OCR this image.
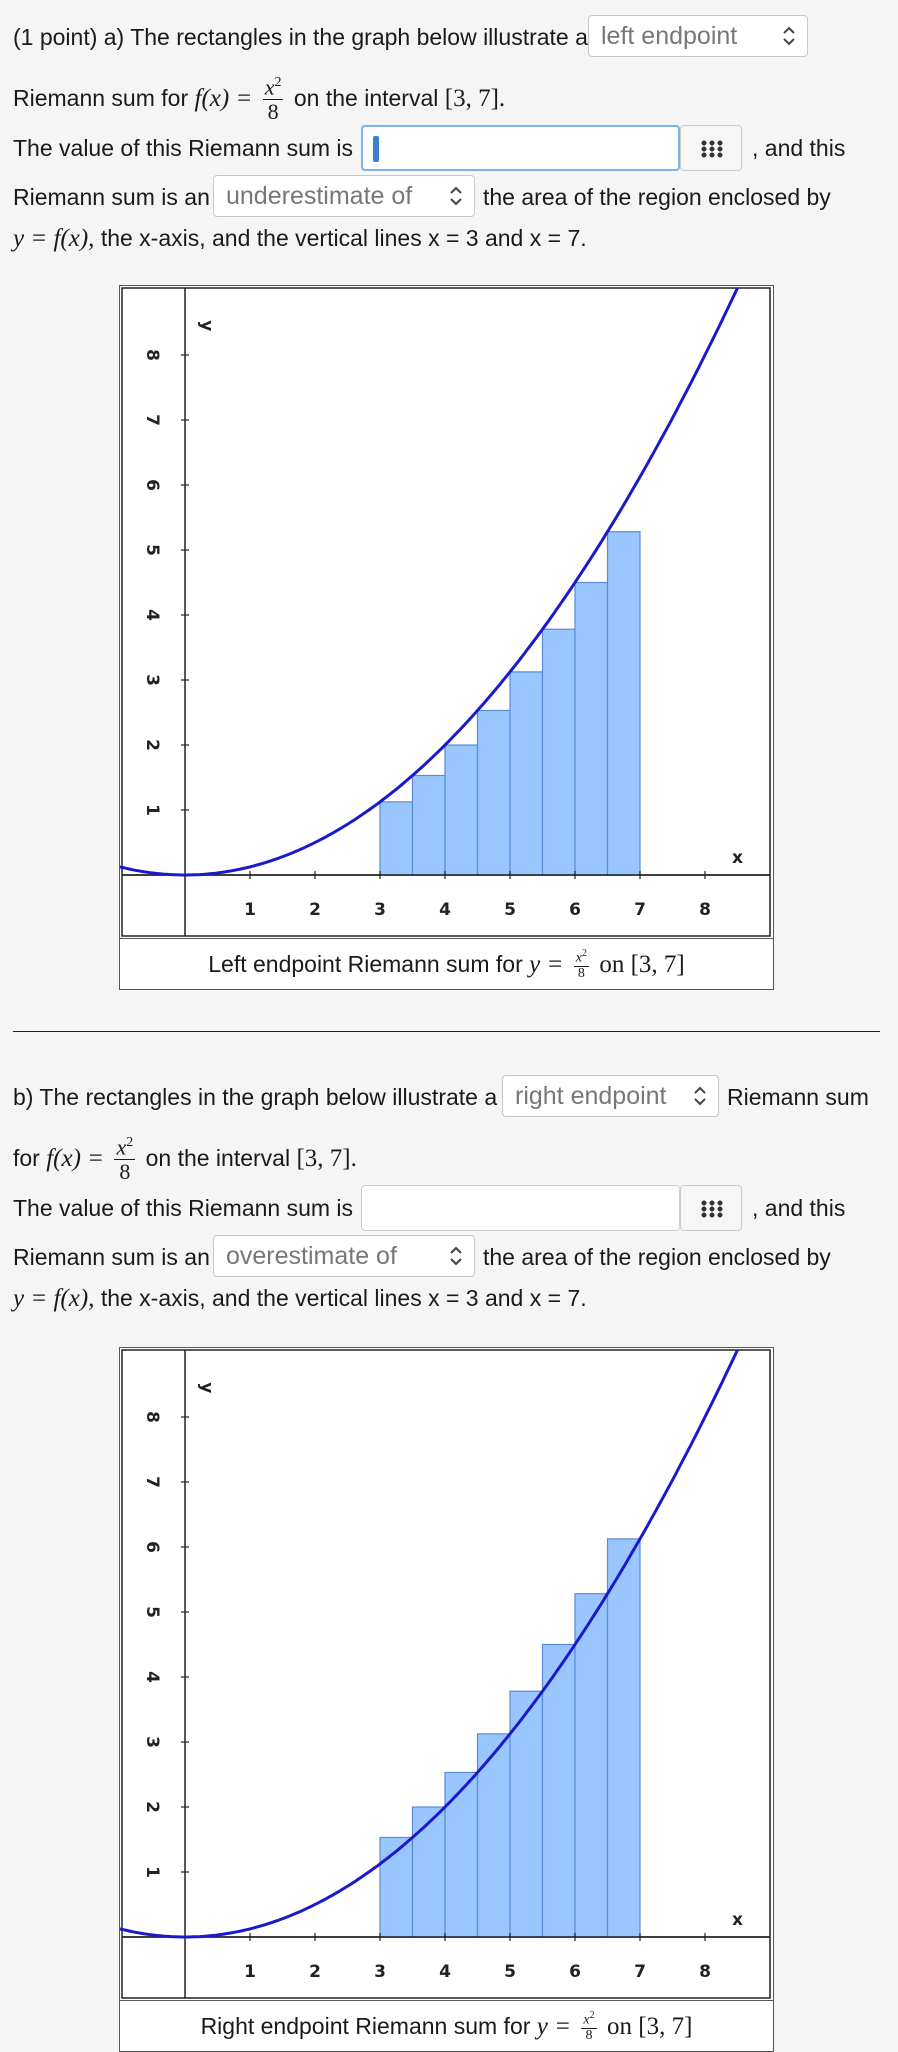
(1 point) a) The rectangles in the graph below illustrate a left endpoint
Riemann sum for $f(x) = \frac{x^2}{8}$ on the interval [3, 7].
The value of this Riemann sum is	, and this
Riemann sum is an underestimate of	the area of the region enclosed by
y = f(x), the x-axis, and the vertical lines x = 3 and x = 7.
1	2	3	4	5	6	7	8
1
2
3
4
5
6
7
8
x
y
Left endpoint Riemann sum for $y = \frac{x^2}{8}$ on [3, 7]
b) The rectangles in the graph below illustrate a right endpoint	Riemann sum
for $f(x) = \frac{x^2}{8}$ on the interval [3, 7].
The value of this Riemann sum is	, and this
Riemann sum is an overestimate of	the area of the region enclosed by
y = f(x), the x-axis, and the vertical lines x = 3 and x = 7.
1	2	3	4	5	6	7	8
1
2
3
4
5
6
7
8
x
y
Right endpoint Riemann sum for $y = \frac{x^2}{8}$ on [3, 7]
